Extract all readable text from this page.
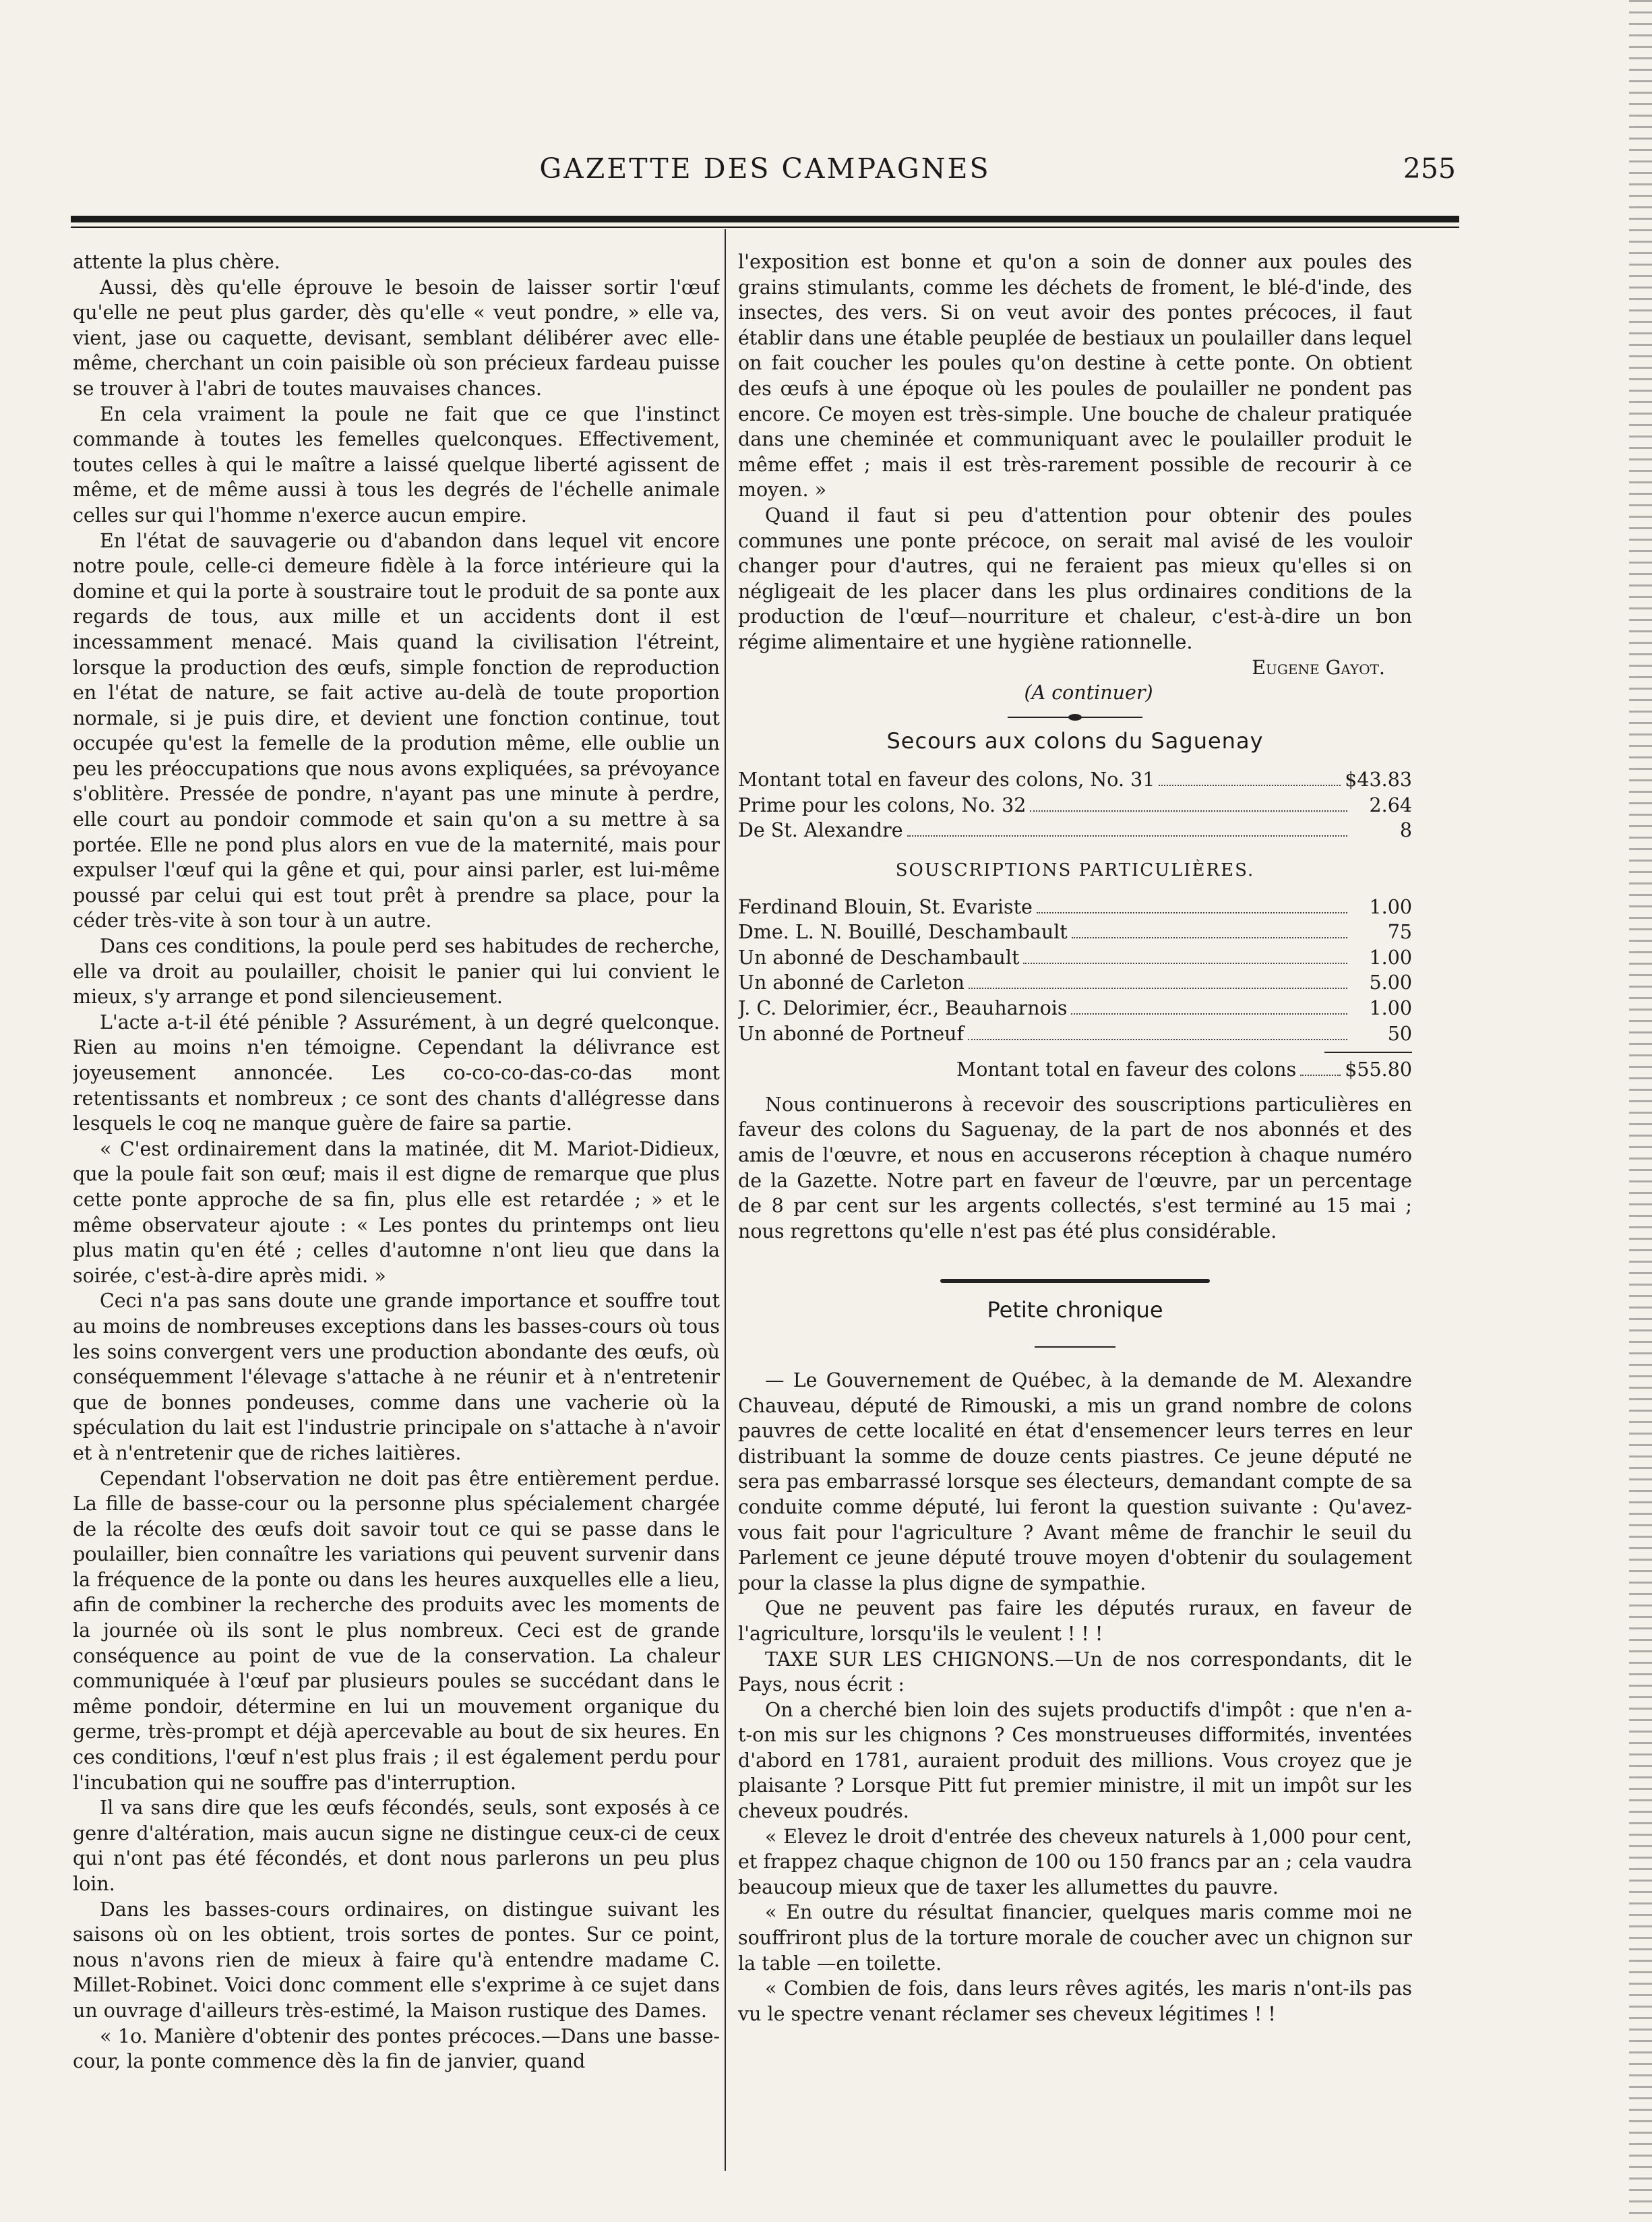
GAZETTE DES CAMPAGNES	255

attente la plus chère.

Aussi, dès qu'elle éprouve le besoin de laisser sortir l'œuf qu'elle ne peut plus garder, dès qu'elle « veut pondre, » elle va, vient, jase ou caquette, devisant, semblant délibérer avec elle-même, cherchant un coin paisible où son précieux fardeau puisse se trouver à l'abri de toutes mauvaises chances.

En cela vraiment la poule ne fait que ce que l'instinct commande à toutes les femelles quelconques. Effectivement, toutes celles à qui le maître a laissé quelque liberté agissent de même, et de même aussi à tous les degrés de l'échelle animale celles sur qui l'homme n'exerce aucun empire.

En l'état de sauvagerie ou d'abandon dans lequel vit encore notre poule, celle-ci demeure fidèle à la force intérieure qui la domine et qui la porte à soustraire tout le produit de sa ponte aux regards de tous, aux mille et un accidents dont il est incessamment menacé. Mais quand la civilisation l'étreint, lorsque la production des œufs, simple fonction de reproduction en l'état de nature, se fait active au-delà de toute proportion normale, si je puis dire, et devient une fonction continue, tout occupée qu'est la femelle de la prodution même, elle oublie un peu les préoccupations que nous avons expliquées, sa prévoyance s'oblitère. Pressée de pondre, n'ayant pas une minute à perdre, elle court au pondoir commode et sain qu'on a su mettre à sa portée. Elle ne pond plus alors en vue de la maternité, mais pour expulser l'œuf qui la gêne et qui, pour ainsi parler, est lui-même poussé par celui qui est tout prêt à prendre sa place, pour la céder très-vite à son tour à un autre.

Dans ces conditions, la poule perd ses habitudes de recherche, elle va droit au poulailler, choisit le panier qui lui convient le mieux, s'y arrange et pond silencieusement.

L'acte a-t-il été pénible ? Assurément, à un degré quelconque. Rien au moins n'en témoigne. Cependant la délivrance est joyeusement annoncée. Les co-co-co-das-co-das mont retentissants et nombreux ; ce sont des chants d'allégresse dans lesquels le coq ne manque guère de faire sa partie.

« C'est ordinairement dans la matinée, dit M. Mariot-Didieux, que la poule fait son œuf; mais il est digne de remarque que plus cette ponte approche de sa fin, plus elle est retardée ; » et le même observateur ajoute : « Les pontes du printemps ont lieu plus matin qu'en été ; celles d'automne n'ont lieu que dans la soirée, c'est-à-dire après midi. »

Ceci n'a pas sans doute une grande importance et souffre tout au moins de nombreuses exceptions dans les basses-cours où tous les soins convergent vers une production abondante des œufs, où conséquemment l'élevage s'attache à ne réunir et à n'entretenir que de bonnes pondeuses, comme dans une vacherie où la spéculation du lait est l'industrie principale on s'attache à n'avoir et à n'entretenir que de riches laitières.

Cependant l'observation ne doit pas être entièrement perdue. La fille de basse-cour ou la personne plus spécialement chargée de la récolte des œufs doit savoir tout ce qui se passe dans le poulailler, bien connaître les variations qui peuvent survenir dans la fréquence de la ponte ou dans les heures auxquelles elle a lieu, afin de combiner la recherche des produits avec les moments de la journée où ils sont le plus nombreux. Ceci est de grande conséquence au point de vue de la conservation. La chaleur communiquée à l'œuf par plusieurs poules se succédant dans le même pondoir, détermine en lui un mouvement organique du germe, très-prompt et déjà apercevable au bout de six heures. En ces conditions, l'œuf n'est plus frais ; il est également perdu pour l'incubation qui ne souffre pas d'interruption.

Il va sans dire que les œufs fécondés, seuls, sont exposés à ce genre d'altération, mais aucun signe ne distingue ceux-ci de ceux qui n'ont pas été fécondés, et dont nous parlerons un peu plus loin.

Dans les basses-cours ordinaires, on distingue suivant les saisons où on les obtient, trois sortes de pontes. Sur ce point, nous n'avons rien de mieux à faire qu'à entendre madame C. Millet-Robinet. Voici donc comment elle s'exprime à ce sujet dans un ouvrage d'ailleurs très-estimé, la Maison rustique des Dames.

« 1o. Manière d'obtenir des pontes précoces.—Dans une basse-cour, la ponte commence dès la fin de janvier, quand

l'exposition est bonne et qu'on a soin de donner aux poules des grains stimulants, comme les déchets de froment, le blé-d'inde, des insectes, des vers. Si on veut avoir des pontes précoces, il faut établir dans une étable peuplée de bestiaux un poulailler dans lequel on fait coucher les poules qu'on destine à cette ponte. On obtient des œufs à une époque où les poules de poulailler ne pondent pas encore. Ce moyen est très-simple. Une bouche de chaleur pratiquée dans une cheminée et communiquant avec le poulailler produit le même effet ; mais il est très-rarement possible de recourir à ce moyen. »

Quand il faut si peu d'attention pour obtenir des poules communes une ponte précoce, on serait mal avisé de les vouloir changer pour d'autres, qui ne feraient pas mieux qu'elles si on négligeait de les placer dans les plus ordinaires conditions de la production de l'œuf—nourriture et chaleur, c'est-à-dire un bon régime alimentaire et une hygiène rationnelle.

Eugene Gayot.

(A continuer)

Secours aux colons du Saguenay
Montant total en faveur des colons, No. 31	$43.83
Prime pour les colons, No. 32	2.64
De St. Alexandre	8
SOUSCRIPTIONS PARTICULIÈRES.
Ferdinand Blouin, St. Evariste	1.00
Dme. L. N. Bouillé, Deschambault	75
Un abonné de Deschambault	1.00
Un abonné de Carleton	5.00
J. C. Delorimier, écr., Beauharnois	1.00
Un abonné de Portneuf	50
Montant total en faveur des colons	$55.80

Nous continuerons à recevoir des souscriptions particulières en faveur des colons du Saguenay, de la part de nos abonnés et des amis de l'œuvre, et nous en accuserons réception à chaque numéro de la Gazette. Notre part en faveur de l'œuvre, par un percentage de 8 par cent sur les argents collectés, s'est terminé au 15 mai ; nous regrettons qu'elle n'est pas été plus considérable.

Petite chronique

— Le Gouvernement de Québec, à la demande de M. Alexandre Chauveau, député de Rimouski, a mis un grand nombre de colons pauvres de cette localité en état d'ensemencer leurs terres en leur distribuant la somme de douze cents piastres. Ce jeune député ne sera pas embarrassé lorsque ses électeurs, demandant compte de sa conduite comme député, lui feront la question suivante : Qu'avez-vous fait pour l'agriculture ? Avant même de franchir le seuil du Parlement ce jeune député trouve moyen d'obtenir du soulagement pour la classe la plus digne de sympathie.

Que ne peuvent pas faire les députés ruraux, en faveur de l'agriculture, lorsqu'ils le veulent ! ! !

TAXE SUR LES CHIGNONS.—Un de nos correspondants, dit le Pays, nous écrit :

On a cherché bien loin des sujets productifs d'impôt : que n'en a-t-on mis sur les chignons ? Ces monstrueuses difformités, inventées d'abord en 1781, auraient produit des millions. Vous croyez que je plaisante ? Lorsque Pitt fut premier ministre, il mit un impôt sur les cheveux poudrés.

« Elevez le droit d'entrée des cheveux naturels à 1,000 pour cent, et frappez chaque chignon de 100 ou 150 francs par an ; cela vaudra beaucoup mieux que de taxer les allumettes du pauvre.

« En outre du résultat financier, quelques maris comme moi ne souffriront plus de la torture morale de coucher avec un chignon sur la table —en toilette.

« Combien de fois, dans leurs rêves agités, les maris n'ont-ils pas vu le spectre venant réclamer ses cheveux légitimes ! !
